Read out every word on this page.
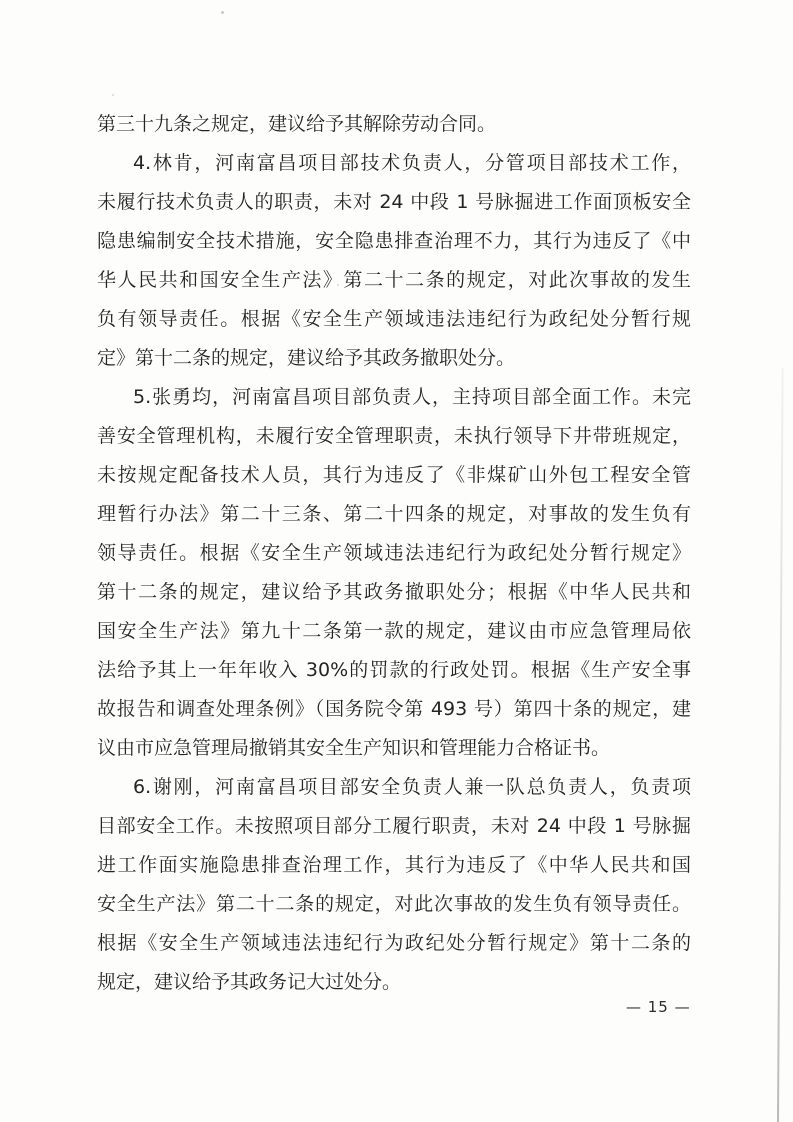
第三十九条之规定，建议给予其解除劳动合同。

4.林肯，河南富昌项目部技术负责人，分管项目部技术工作，

未履行技术负责人的职责，未对 24 中段 1 号脉掘进工作面顶板安全

隐患编制安全技术措施，安全隐患排查治理不力，其行为违反了《中

华人民共和国安全生产法》第二十二条的规定，对此次事故的发生

负有领导责任。根据《安全生产领域违法违纪行为政纪处分暂行规

定》第十二条的规定，建议给予其政务撤职处分。

5.张勇均，河南富昌项目部负责人，主持项目部全面工作。未完

善安全管理机构，未履行安全管理职责，未执行领导下井带班规定，

未按规定配备技术人员，其行为违反了《非煤矿山外包工程安全管

理暂行办法》第二十三条、第二十四条的规定，对事故的发生负有

领导责任。根据《安全生产领域违法违纪行为政纪处分暂行规定》

第十二条的规定，建议给予其政务撤职处分；根据《中华人民共和

国安全生产法》第九十二条第一款的规定，建议由市应急管理局依

法给予其上一年年收入 30%的罚款的行政处罚。根据《生产安全事

故报告和调查处理条例》（国务院令第 493 号）第四十条的规定，建

议由市应急管理局撤销其安全生产知识和管理能力合格证书。

6.谢刚，河南富昌项目部安全负责人兼一队总负责人，负责项

目部安全工作。未按照项目部分工履行职责，未对 24 中段 1 号脉掘

进工作面实施隐患排查治理工作，其行为违反了《中华人民共和国

安全生产法》第二十二条的规定，对此次事故的发生负有领导责任。

根据《安全生产领域违法违纪行为政纪处分暂行规定》第十二条的

规定，建议给予其政务记大过处分。

— 15 —
